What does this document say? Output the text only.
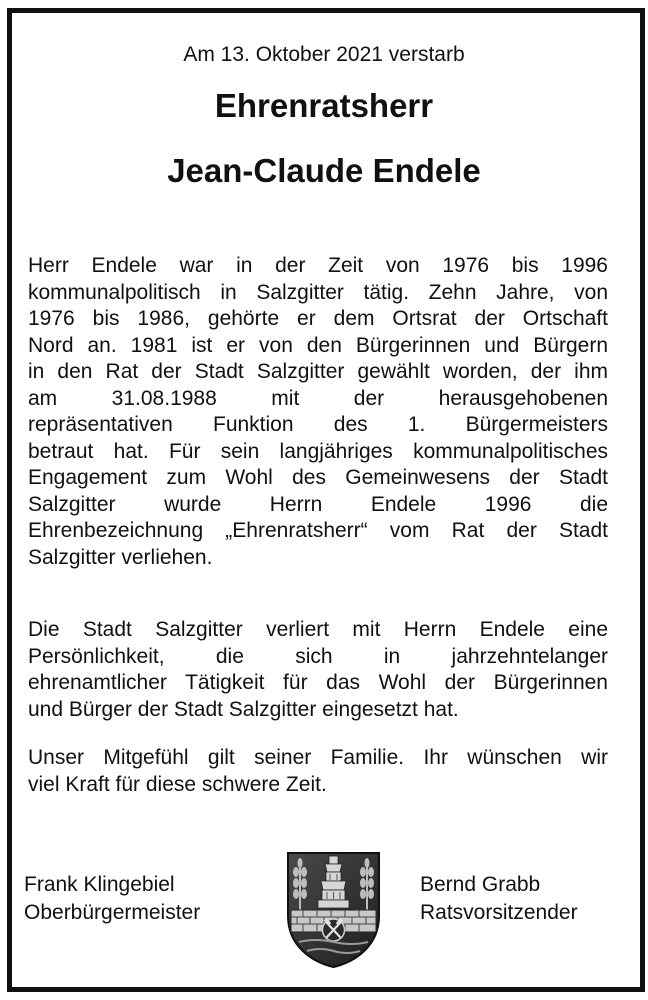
Am 13. Oktober 2021 verstarb
Ehrenratsherr
Jean-Claude Endele
Herr Endele war in der Zeit von 1976 bis 1996
kommunalpolitisch in Salzgitter tätig. Zehn Jahre, von
1976 bis 1986, gehörte er dem Ortsrat der Ortschaft
Nord an. 1981 ist er von den Bürgerinnen und Bürgern
in den Rat der Stadt Salzgitter gewählt worden, der ihm
am 31.08.1988 mit der herausgehobenen
repräsentativen Funktion des 1. Bürgermeisters
betraut hat. Für sein langjähriges kommunalpolitisches
Engagement zum Wohl des Gemeinwesens der Stadt
Salzgitter wurde Herrn Endele 1996 die
Ehrenbezeichnung „Ehrenratsherr“ vom Rat der Stadt
Salzgitter verliehen.
Die Stadt Salzgitter verliert mit Herrn Endele eine
Persönlichkeit, die sich in jahrzehntelanger
ehrenamtlicher Tätigkeit für das Wohl der Bürgerinnen
und Bürger der Stadt Salzgitter eingesetzt hat.
Unser Mitgefühl gilt seiner Familie. Ihr wünschen wir
viel Kraft für diese schwere Zeit.
Frank Klingebiel
Oberbürgermeister
Bernd Grabb
Ratsvorsitzender
